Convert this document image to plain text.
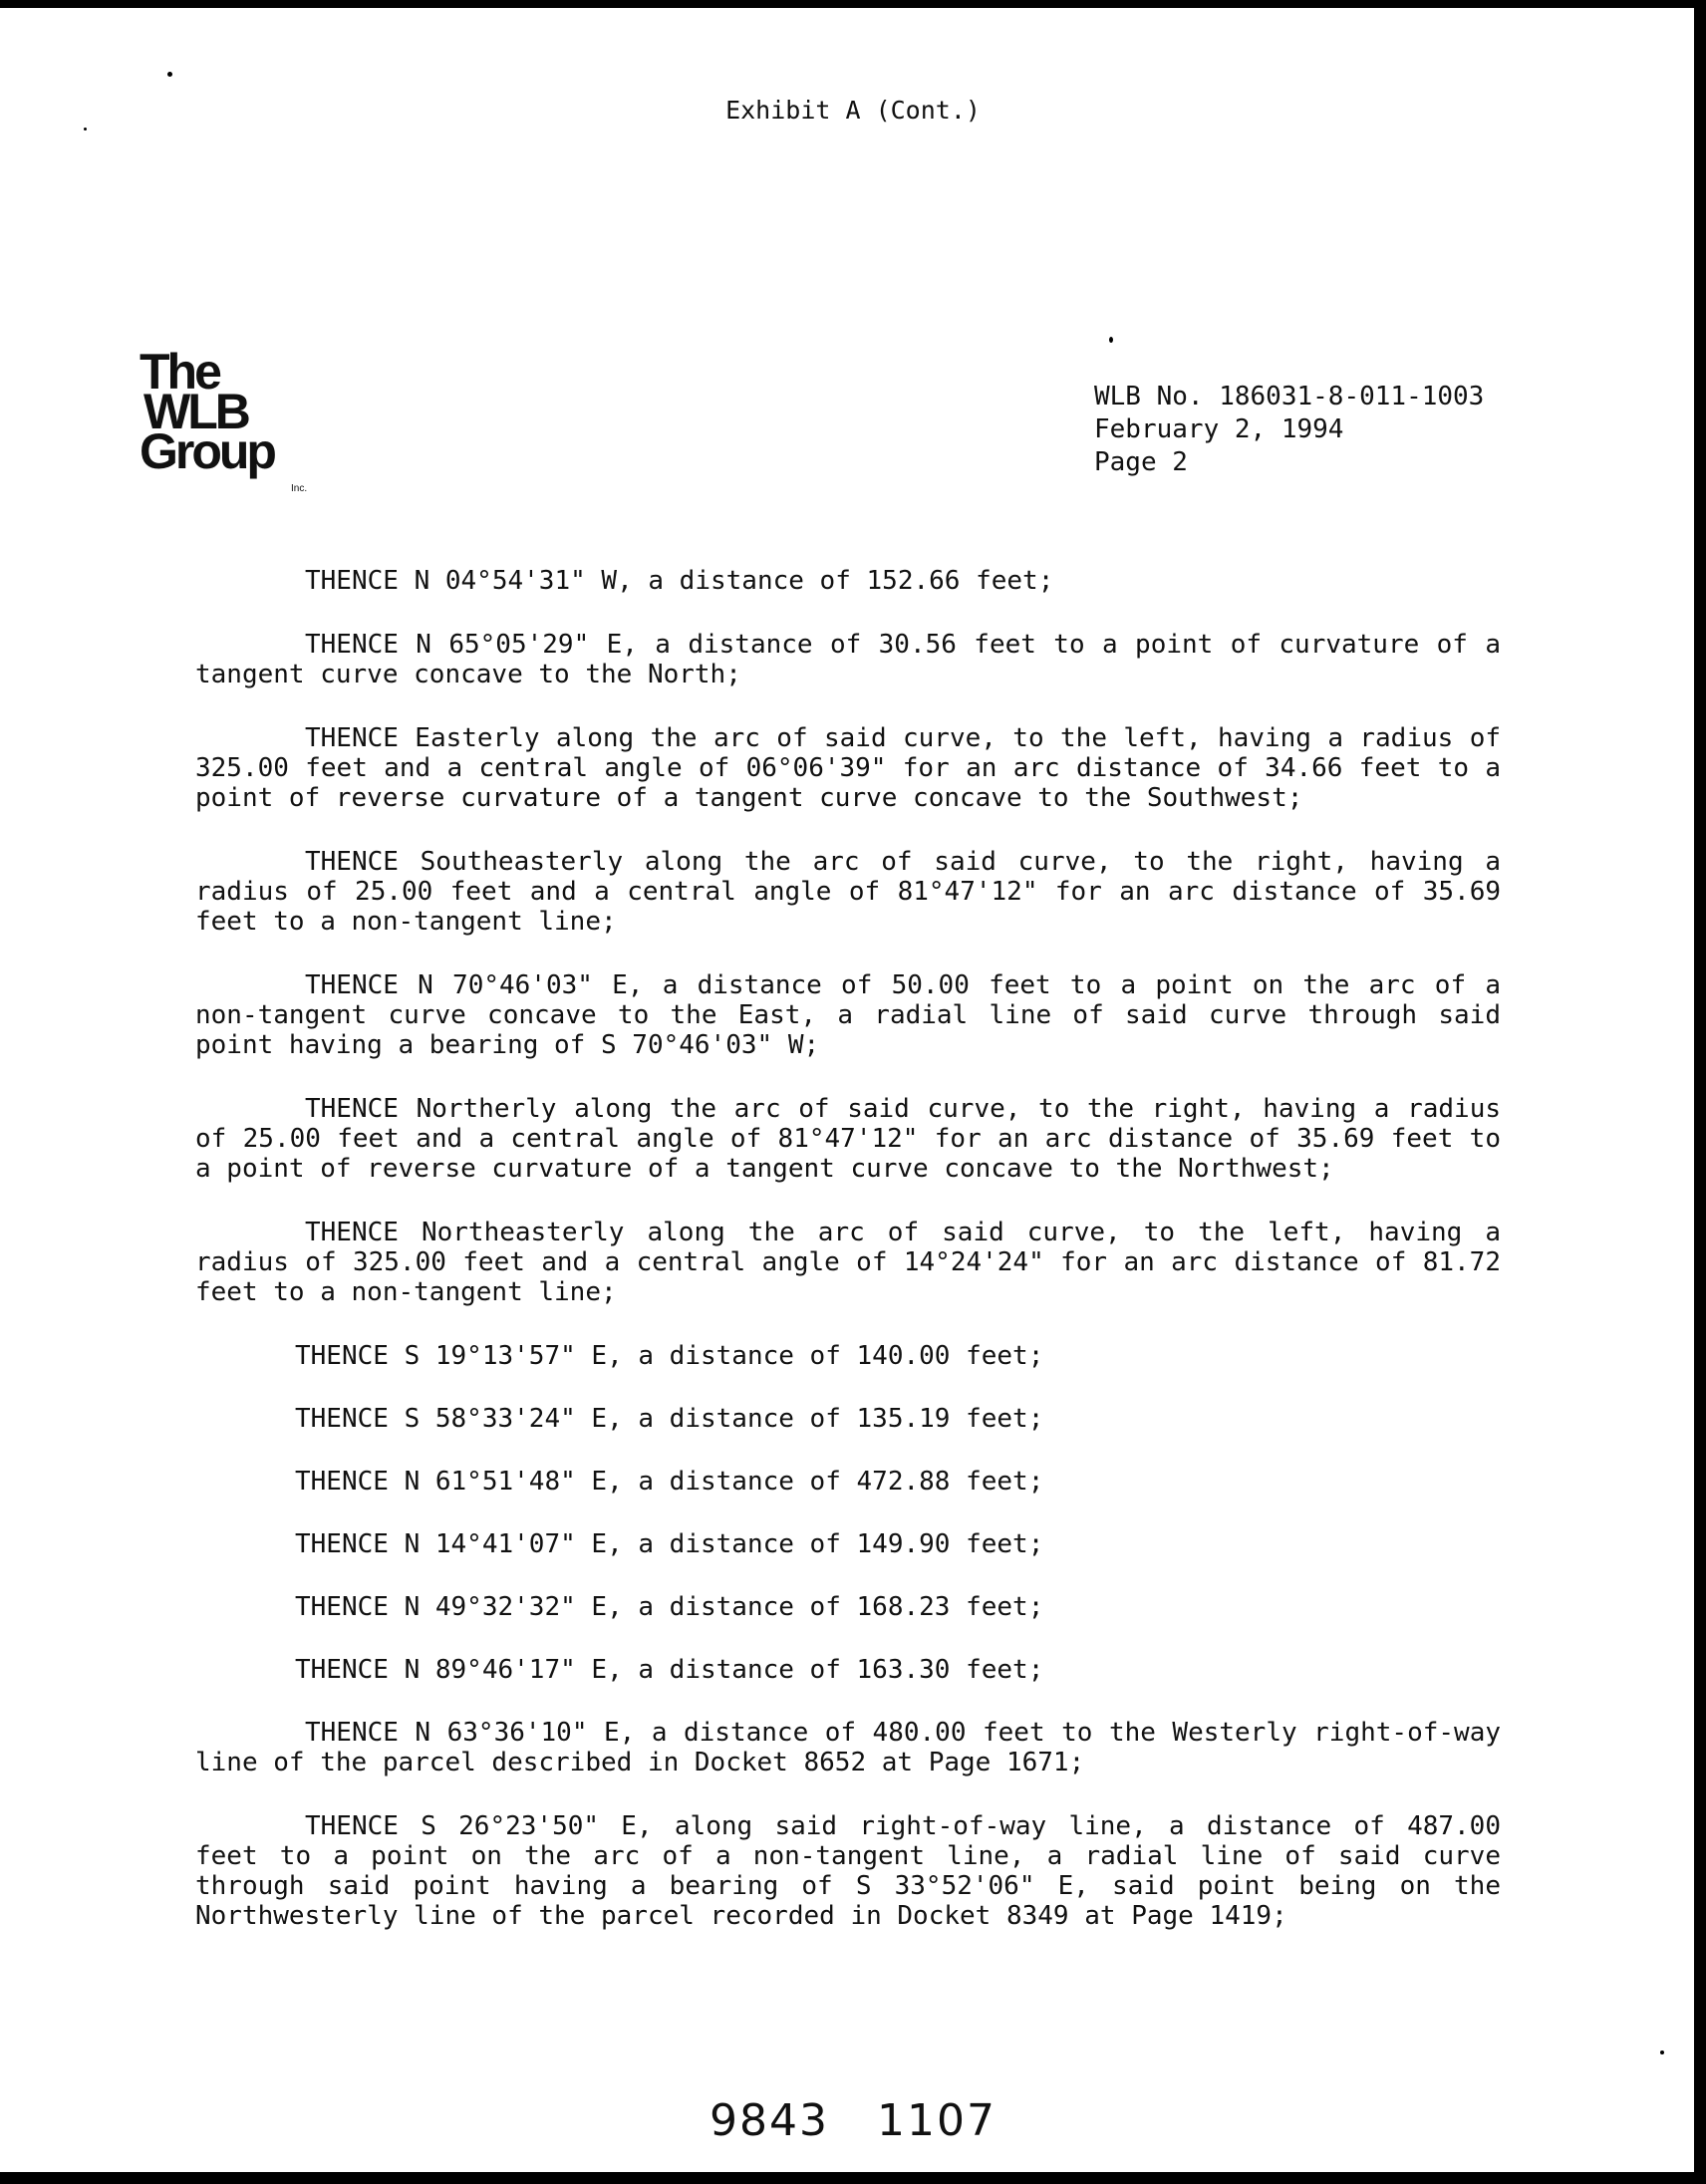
Exhibit A (Cont.)
The
WLB
Group
Inc.
WLB No. 186031-8-011-1003
February 2, 1994
Page 2

THENCE N 04°54'31" W, a distance of 152.66 feet;

THENCE N 65°05'29" E, a distance of 30.56 feet to a point of curvature of a tangent curve concave to the North;

THENCE Easterly along the arc of said curve, to the left, having a radius of 325.00 feet and a central angle of 06°06'39" for an arc distance of 34.66 feet to a point of reverse curvature of a tangent curve concave to the Southwest;

THENCE Southeasterly along the arc of said curve, to the right, having a radius of 25.00 feet and a central angle of 81°47'12" for an arc distance of 35.69 feet to a non-tangent line;

THENCE N 70°46'03" E, a distance of 50.00 feet to a point on the arc of a non-tangent curve concave to the East, a radial line of said curve through said point having a bearing of S 70°46'03" W;

THENCE Northerly along the arc of said curve, to the right, having a radius of 25.00 feet and a central angle of 81°47'12" for an arc distance of 35.69 feet to a point of reverse curvature of a tangent curve concave to the Northwest;

THENCE Northeasterly along the arc of said curve, to the left, having a radius of 325.00 feet and a central angle of 14°24'24" for an arc distance of 81.72 feet to a non-tangent line;

THENCE S 19°13'57" E, a distance of 140.00 feet;

THENCE S 58°33'24" E, a distance of 135.19 feet;

THENCE N 61°51'48" E, a distance of 472.88 feet;

THENCE N 14°41'07" E, a distance of 149.90 feet;

THENCE N 49°32'32" E, a distance of 168.23 feet;

THENCE N 89°46'17" E, a distance of 163.30 feet;

THENCE N 63°36'10" E, a distance of 480.00 feet to the Westerly right-of-way line of the parcel described in Docket 8652 at Page 1671;

THENCE S 26°23'50" E, along said right-of-way line, a distance of 487.00 feet to a point on the arc of a non-tangent line, a radial line of said curve through said point having a bearing of S 33°52'06" E, said point being on the Northwesterly line of the parcel recorded in Docket 8349 at Page 1419;

9843 1107
